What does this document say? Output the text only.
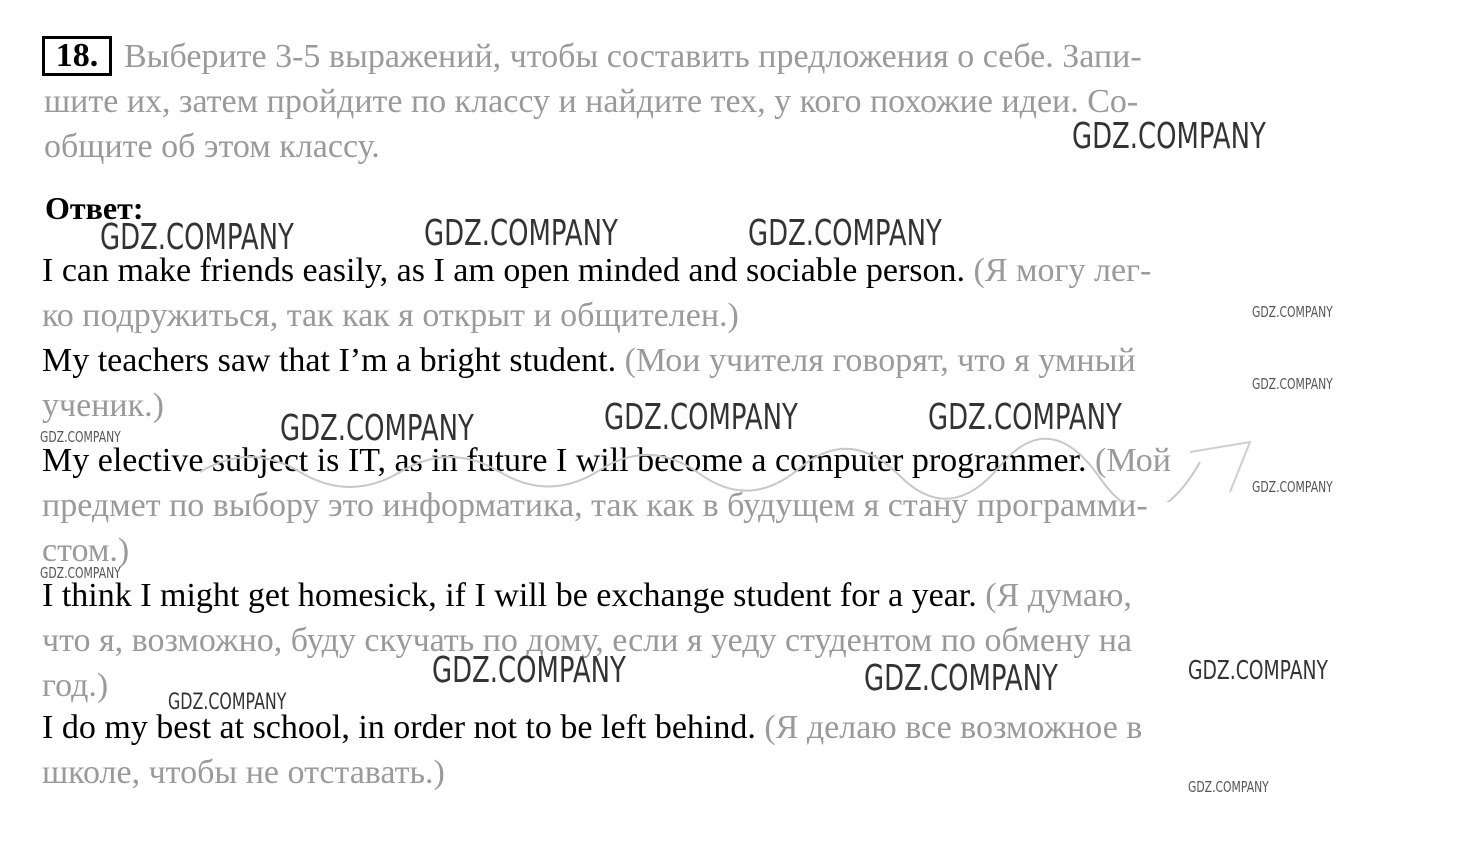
18. Выберите 3-5 выражений, чтобы составить предложения о себе. Запи-
шите их, затем пройдите по классу и найдите тех, у кого похожие идеи. Со-
общите об этом классу.
Ответ:
I can make friends easily, as I am open minded and sociable person. (Я могу лег-
ко подружиться, так как я открыт и общителен.)
My teachers saw that I’m a bright student. (Мои учителя говорят, что я умный
ученик.)
My elective subject is IT, as in future I will become a computer programmer. (Мой
предмет по выбору это информатика, так как в будущем я стану программи-
стом.)
I think I might get homesick, if I will be exchange student for a year. (Я думаю,
что я, возможно, буду скучать по дому, если я уеду студентом по обмену на
год.)
I do my best at school, in order not to be left behind. (Я делаю все возможное в
школе, чтобы не отставать.)
GDZ.COMPANY
GDZ.COMPANY	GDZ.COMPANY	GDZ.COMPANY
GDZ.COMPANY
GDZ.COMPANY
GDZ.COMPANY	GDZ.COMPANY	GDZ.COMPANY
GDZ.COMPANY
GDZ.COMPANY
GDZ.COMPANY
GDZ.COMPANY	GDZ.COMPANY	GDZ.COMPANY
GDZ.COMPANY
GDZ.COMPANY
